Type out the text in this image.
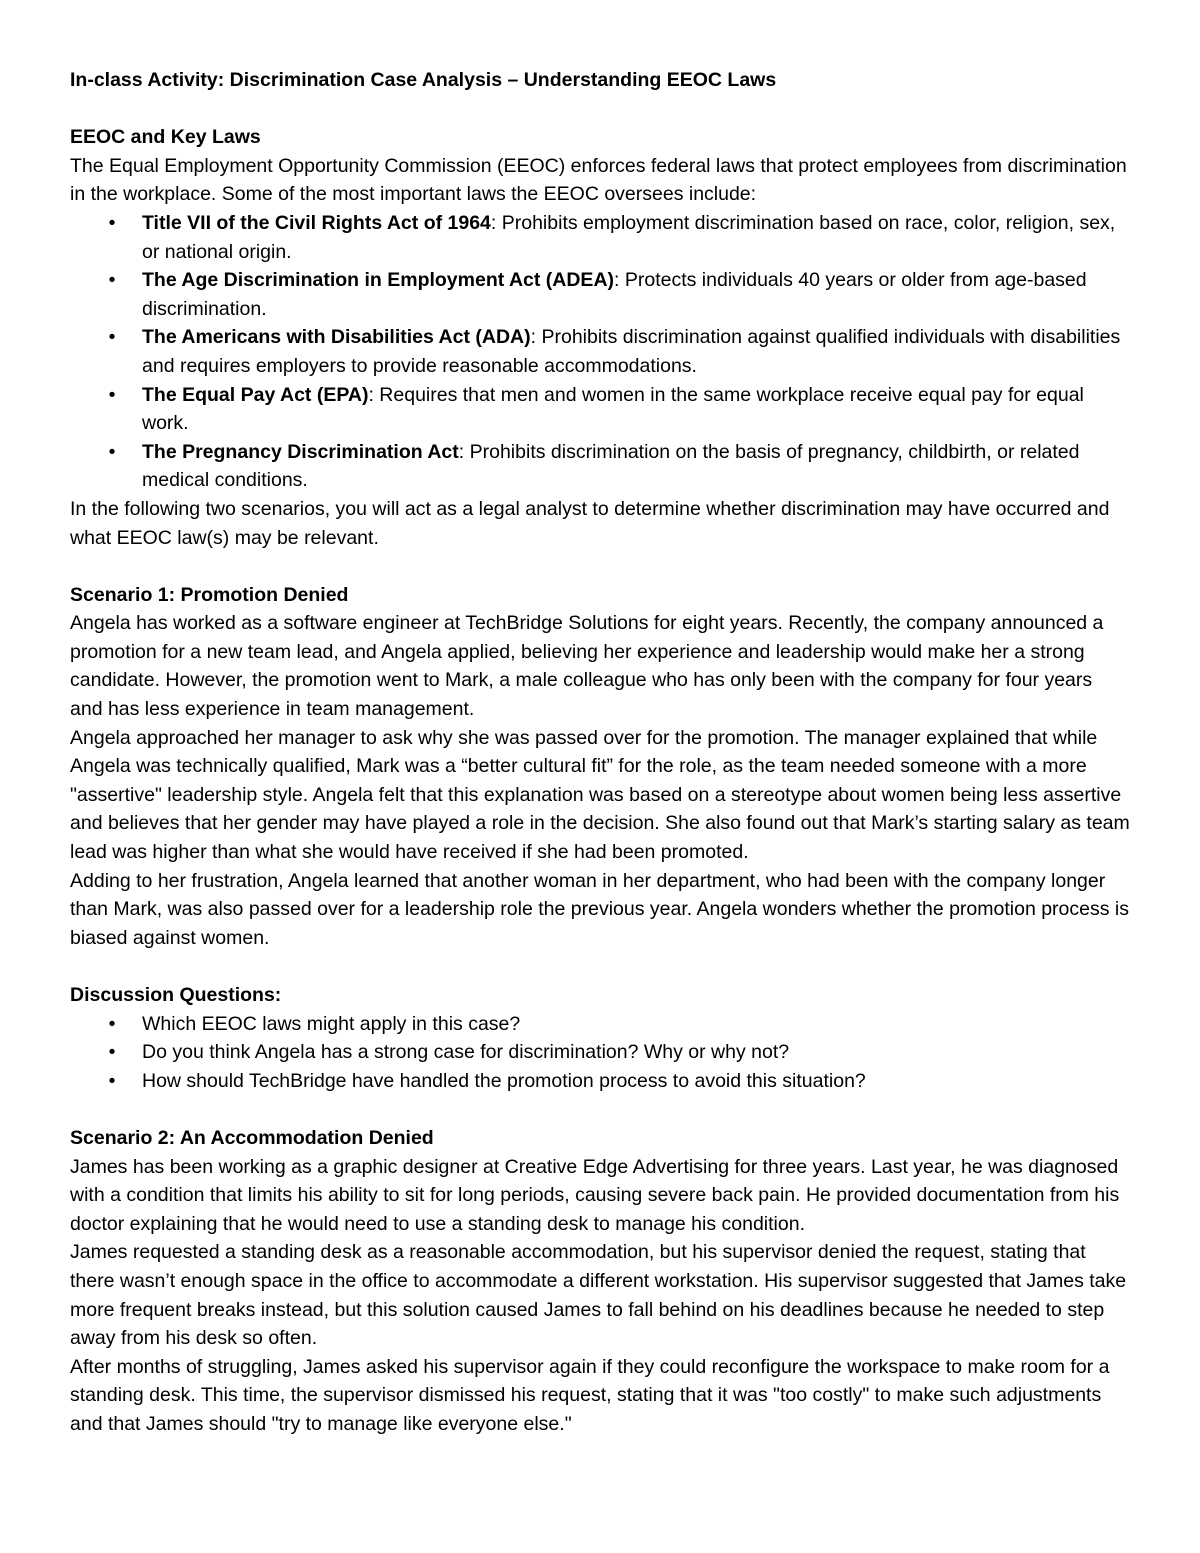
In-class Activity: Discrimination Case Analysis – Understanding EEOC Laws

EEOC and Key Laws

The Equal Employment Opportunity Commission (EEOC) enforces federal laws that protect employees from discrimination in the workplace. Some of the most important laws the EEOC oversees include:

•	Title VII of the Civil Rights Act of 1964: Prohibits employment discrimination based on race, color, religion, sex, or national origin.
•	The Age Discrimination in Employment Act (ADEA): Protects individuals 40 years or older from age-based discrimination.
•	The Americans with Disabilities Act (ADA): Prohibits discrimination against qualified individuals with disabilities and requires employers to provide reasonable accommodations.
•	The Equal Pay Act (EPA): Requires that men and women in the same workplace receive equal pay for equal work.
•	The Pregnancy Discrimination Act: Prohibits discrimination on the basis of pregnancy, childbirth, or related medical conditions.

In the following two scenarios, you will act as a legal analyst to determine whether discrimination may have occurred and what EEOC law(s) may be relevant.

Scenario 1: Promotion Denied

Angela has worked as a software engineer at TechBridge Solutions for eight years. Recently, the company announced a promotion for a new team lead, and Angela applied, believing her experience and leadership would make her a strong candidate. However, the promotion went to Mark, a male colleague who has only been with the company for four years and has less experience in team management.

Angela approached her manager to ask why she was passed over for the promotion. The manager explained that while Angela was technically qualified, Mark was a “better cultural fit” for the role, as the team needed someone with a more "assertive" leadership style. Angela felt that this explanation was based on a stereotype about women being less assertive and believes that her gender may have played a role in the decision. She also found out that Mark’s starting salary as team lead was higher than what she would have received if she had been promoted.

Adding to her frustration, Angela learned that another woman in her department, who had been with the company longer than Mark, was also passed over for a leadership role the previous year. Angela wonders whether the promotion process is biased against women.

Discussion Questions:

•	Which EEOC laws might apply in this case?
•	Do you think Angela has a strong case for discrimination? Why or why not?
•	How should TechBridge have handled the promotion process to avoid this situation?

Scenario 2: An Accommodation Denied

James has been working as a graphic designer at Creative Edge Advertising for three years. Last year, he was diagnosed with a condition that limits his ability to sit for long periods, causing severe back pain. He provided documentation from his doctor explaining that he would need to use a standing desk to manage his condition.

James requested a standing desk as a reasonable accommodation, but his supervisor denied the request, stating that there wasn’t enough space in the office to accommodate a different workstation. His supervisor suggested that James take more frequent breaks instead, but this solution caused James to fall behind on his deadlines because he needed to step away from his desk so often.

After months of struggling, James asked his supervisor again if they could reconfigure the workspace to make room for a standing desk. This time, the supervisor dismissed his request, stating that it was "too costly" to make such adjustments and that James should "try to manage like everyone else."
